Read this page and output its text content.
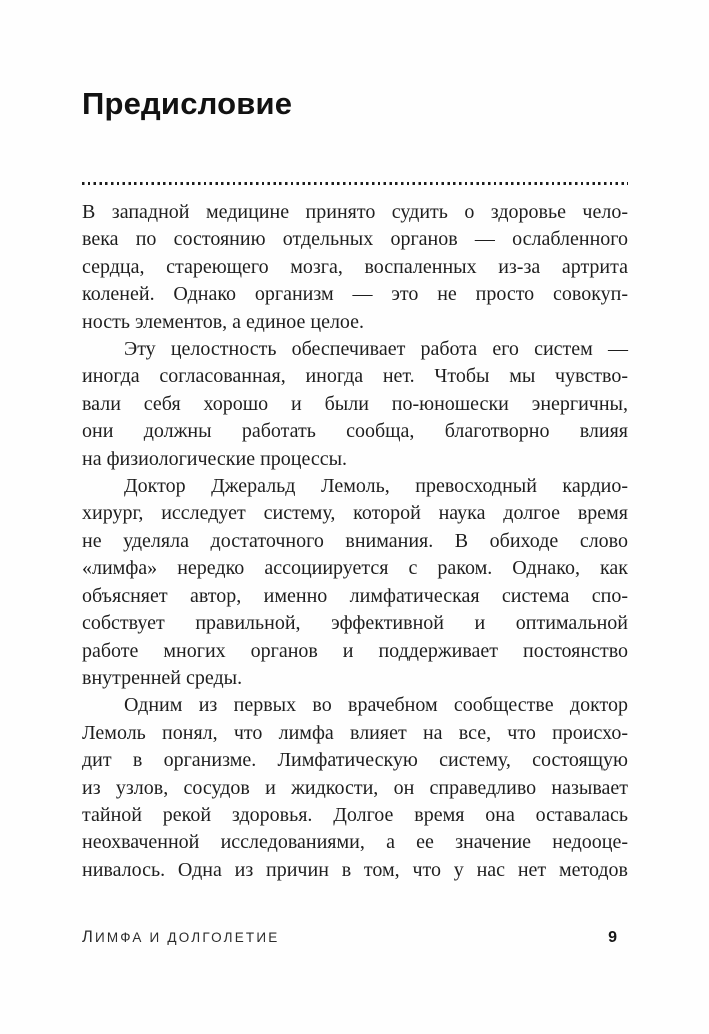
Предисловие

В западной медицине принято судить о здоровье чело-
века по состоянию отдельных органов — ослабленного
сердца, стареющего мозга, воспаленных из-за артрита
коленей. Однако организм — это не просто совокуп-
ность элементов, а единое целое.

Эту целостность обеспечивает работа его систем —
иногда согласованная, иногда нет. Чтобы мы чувство-
вали себя хорошо и были по-юношески энергичны,
они должны работать сообща, благотворно влияя
на физиологические процессы.

Доктор Джеральд Лемоль, превосходный кардио-
хирург, исследует систему, которой наука долгое время
не уделяла достаточного внимания. В обиходе слово
«лимфа» нередко ассоциируется с раком. Однако, как
объясняет автор, именно лимфатическая система спо-
собствует правильной, эффективной и оптимальной
работе многих органов и поддерживает постоянство
внутренней среды.

Одним из первых во врачебном сообществе доктор
Лемоль понял, что лимфа влияет на все, что происхо-
дит в организме. Лимфатическую систему, состоящую
из узлов, сосудов и жидкости, он справедливо называет
тайной рекой здоровья. Долгое время она оставалась
неохваченной исследованиями, а ее значение недооце-
нивалось. Одна из причин в том, что у нас нет методов

ЛИМФА И ДОЛГОЛЕТИЕ	9
